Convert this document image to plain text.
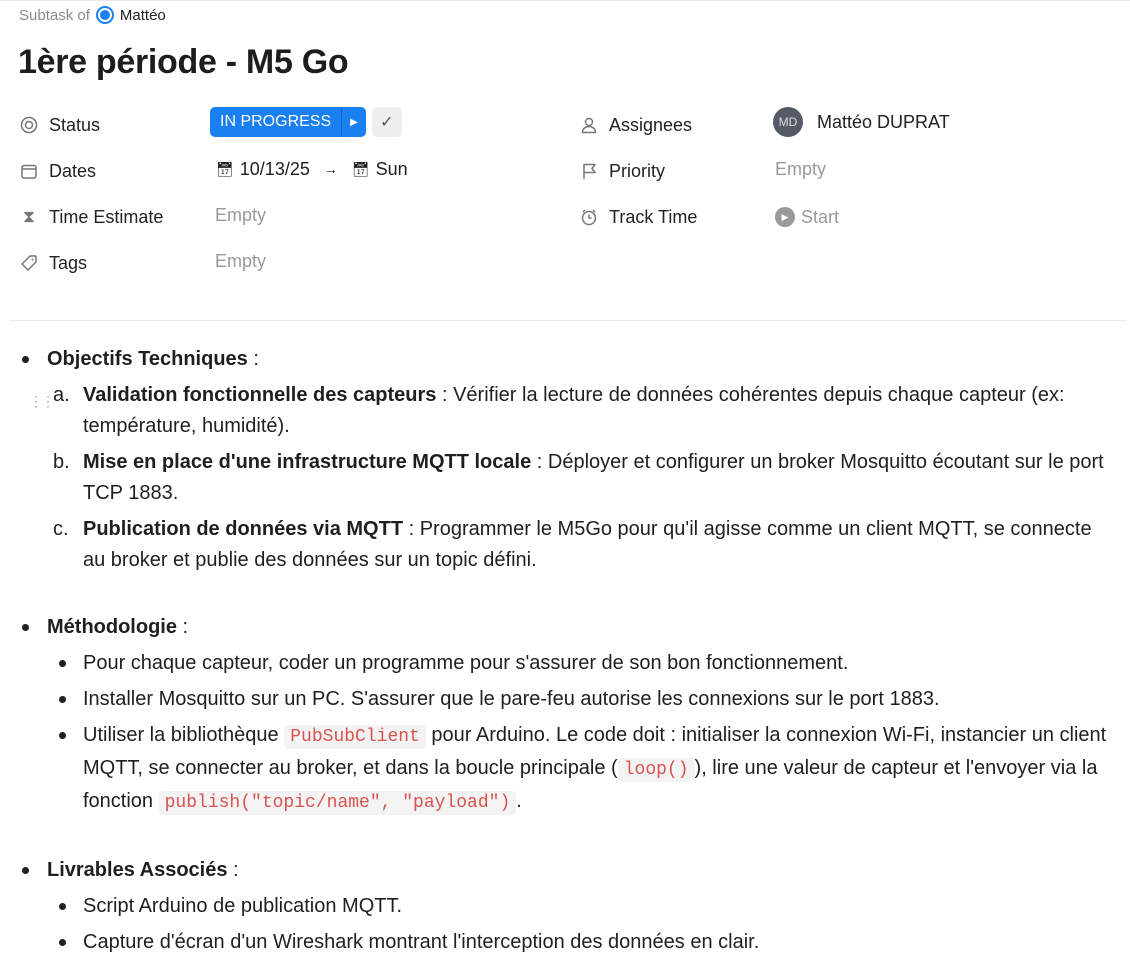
Subtask of Mattéo
1ère période - M5 Go
Status	IN PROGRESS	▶	✓
Dates	📅︎ 10/13/25 → 📅︎ Sun
⧗ Time Estimate	Empty
Tags	Empty
Assignees	MD	Mattéo DUPRAT
Priority	Empty
Track Time	▶ Start
Objectifs Techniques :
⋮⋮ a. Validation fonctionnelle des capteurs : Vérifier la lecture de données cohérentes depuis chaque capteur (ex: température, humidité).
b. Mise en place d'une infrastructure MQTT locale : Déployer et configurer un broker Mosquitto écoutant sur le port TCP 1883.
c. Publication de données via MQTT : Programmer le M5Go pour qu'il agisse comme un client MQTT, se connecte au broker et publie des données sur un topic défini.
Méthodologie :
Pour chaque capteur, coder un programme pour s'assurer de son bon fonctionnement.
Installer Mosquitto sur un PC. S'assurer que le pare-feu autorise les connexions sur le port 1883.
Utiliser la bibliothèque PubSubClient pour Arduino. Le code doit : initialiser la connexion Wi-Fi, instancier un client MQTT, se connecter au broker, et dans la boucle principale ( loop() ), lire une valeur de capteur et l'envoyer via la fonction publish("topic/name", "payload") .
Livrables Associés :
Script Arduino de publication MQTT.
Capture d'écran d'un Wireshark montrant l'interception des données en clair.
